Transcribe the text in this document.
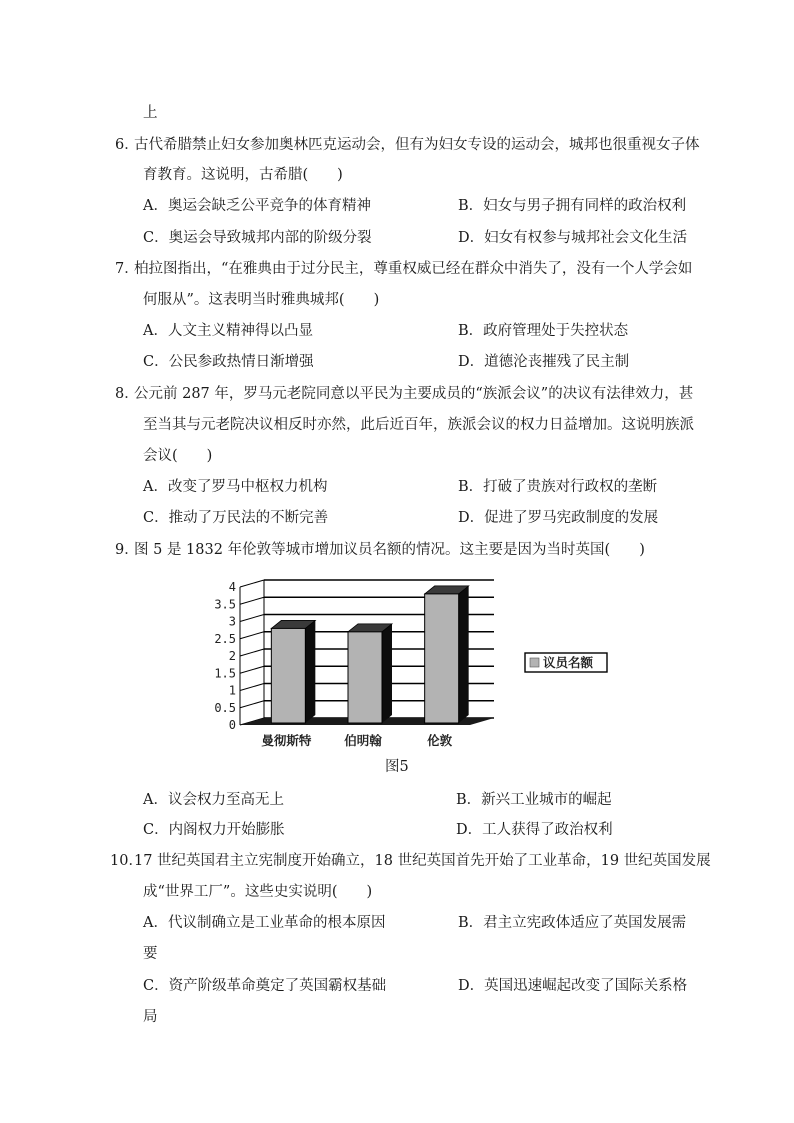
上
6．
古代希腊禁止妇女参加奥林匹克运动会，但有为妇女专设的运动会，城邦也很重视女子体
育教育。这说明，古希腊(　　)
A．奥运会缺乏公平竞争的体育精神	B．妇女与男子拥有同样的政治权利
C．奥运会导致城邦内部的阶级分裂	D．妇女有权参与城邦社会文化生活
7．
柏拉图指出，“在雅典由于过分民主，尊重权威已经在群众中消失了，没有一个人学会如
何服从”。这表明当时雅典城邦(　　)
A．人文主义精神得以凸显	B．政府管理处于失控状态
C．公民参政热情日渐增强	D．道德沦丧摧残了民主制
8．
公元前 287 年，罗马元老院同意以平民为主要成员的“族派会议”的决议有法律效力，甚
至当其与元老院决议相反时亦然，此后近百年，族派会议的权力日益增加。这说明族派
会议(　　)
A．改变了罗马中枢权力机构	B．打破了贵族对行政权的垄断
C．推动了万民法的不断完善	D．促进了罗马宪政制度的发展
9．
图 5 是 1832 年伦敦等城市增加议员名额的情况。这主要是因为当时英国(　　)
4
3.5
3
2.5
2
1.5
1
0.5
0
曼彻斯特	伯明翰	伦敦
议员名额
图5
A．议会权力至高无上	B．新兴工业城市的崛起
C．内阁权力开始膨胀	D．工人获得了政治权利
10．
17 世纪英国君主立宪制度开始确立，18 世纪英国首先开始了工业革命，19 世纪英国发展
成“世界工厂”。这些史实说明(　　)
A．代议制确立是工业革命的根本原因	B．君主立宪政体适应了英国发展需
要
C．资产阶级革命奠定了英国霸权基础	D．英国迅速崛起改变了国际关系格
局
